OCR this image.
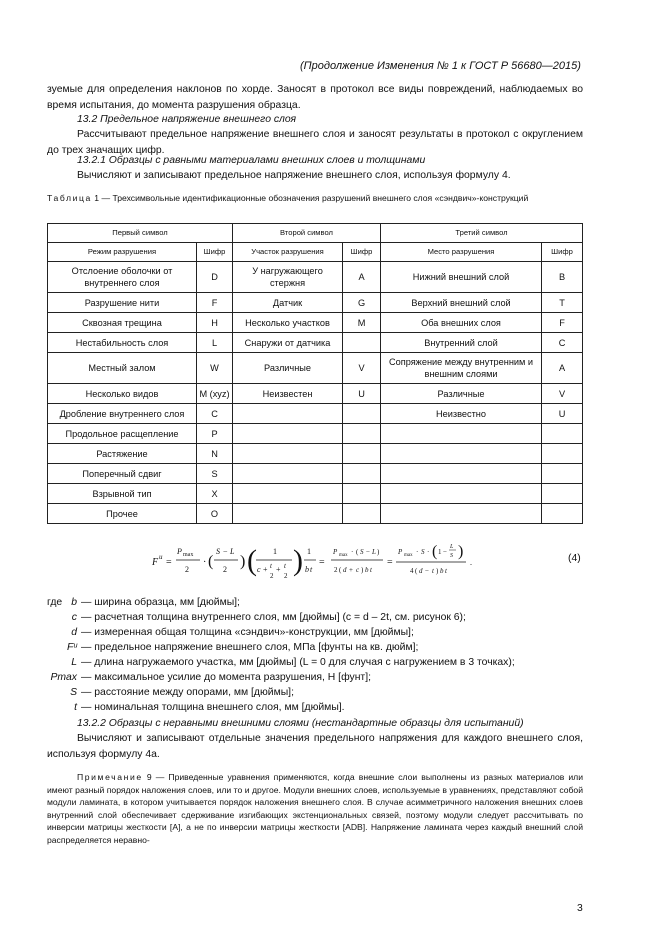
(Продолжение Изменения № 1 к ГОСТ Р 56680—2015)
зуемые для определения наклонов по хорде. Заносят в протокол все виды повреждений, наблюдаемых во время испытания, до момента разрушения образца.
13.2 Предельное напряжение внешнего слоя
Рассчитывают предельное напряжение внешнего слоя и заносят результаты в протокол с округлением до трех значащих цифр.
13.2.1 Образцы с равными материалами внешних слоев и толщинами
Вычисляют и записывают предельное напряжение внешнего слоя, используя формулу 4.
Таблица 1 — Трехсимвольные идентификационные обозначения разрушений внешнего слоя «сэндвич»-конструкций
Первый символ		Второй символ		Третий символ	
Режим разрушения	Шифр	Участок разрушения	Шифр	Место разрушения	Шифр
Отслоение оболочки от внутреннего слоя	D	У нагружающего стержня	A	Нижний внешний слой	B
Разрушение нити	F	Датчик	G	Верхний внешний слой	T
Сквозная трещина	H	Несколько участков	M	Оба внешних слоя	F
Нестабильность слоя	L	Снаружи от датчика		Внутренний слой	C
Местный залом	W	Различные	V	Сопряжение между внутренним и внешним слоями	A
Несколько видов	M (xyz)	Неизвестен	U	Различные	V
Дробление внутреннего слоя	C			Неизвестно	U
Продольное расщепление	P				
Растяжение	N				
Поперечный сдвиг	S				
Взрывной тип	X				
Прочее	O				
F u =
P max
2
· (
S − L
2 ) ( 1
c + t
2
+ t
2 ) 1
b t
=
P max · ( S − L )
2 ( d + c ) b t
=
P max · S · ( 1 −
L
S )
4 ( d − t ) b t
.	(4)
где b — ширина образца, мм [дюймы];
c — расчетная толщина внутреннего слоя, мм [дюймы] (c = d – 2t, см. рисунок 6);
d — измеренная общая толщина «сэндвич»-конструкции, мм [дюймы];
Fᵘ — предельное напряжение внешнего слоя, МПа [фунты на кв. дюйм];
L — длина нагружаемого участка, мм [дюймы] (L = 0 для случая с нагружением в 3 точках);
Pmax — максимальное усилие до момента разрушения, Н [фунт];
S — расстояние между опорами, мм [дюймы];
t — номинальная толщина внешнего слоя, мм [дюймы].
13.2.2 Образцы с неравными внешними слоями (нестандартные образцы для испытаний)
Вычисляют и записывают отдельные значения предельного напряжения для каждого внешнего слоя, используя формулу 4а.
Примечание 9 — Приведенные уравнения применяются, когда внешние слои выполнены из разных материалов или имеют разный порядок наложения слоев, или то и другое. Модули внешних слоев, используемые в уравнениях, представляют собой модули ламината, в котором учитывается порядок наложения внешнего слоя. В случае асимметричного наложения внешних слоев внутренний слой обеспечивает сдерживание изгибающих экстенциональных связей, поэтому модули следует рассчитывать по инверсии матрицы жесткости [A], а не по инверсии матрицы жесткости [ADB]. Напряжение ламината через каждый внешний слой распределяется неравно-
3
